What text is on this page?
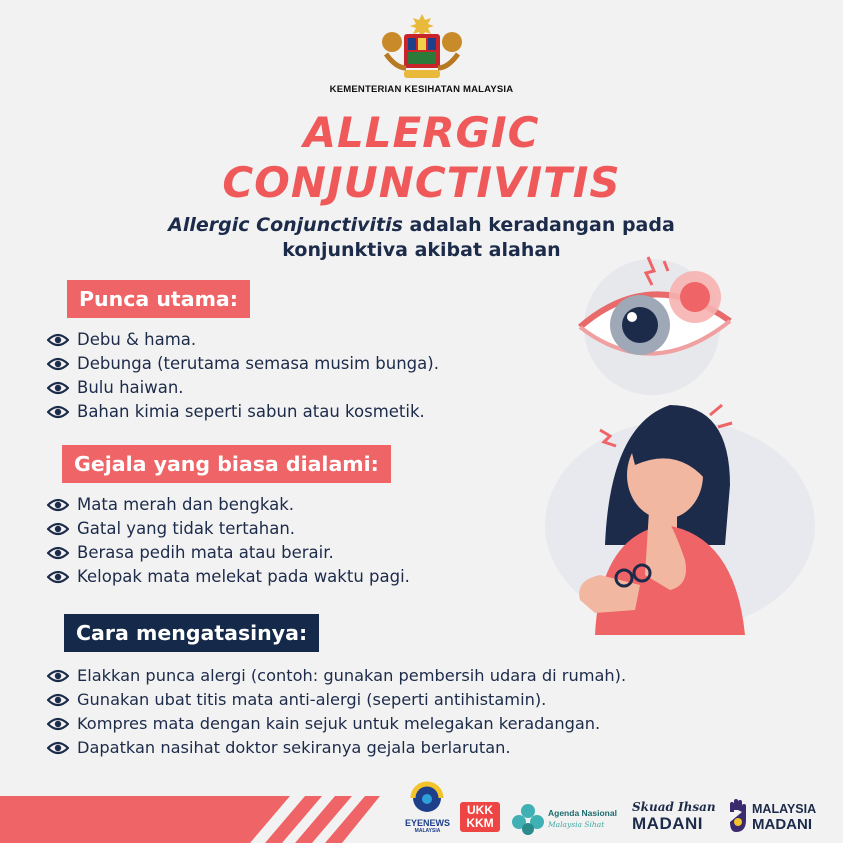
KEMENTERIAN KESIHATAN MALAYSIA
ALLERGIC
CONJUNCTIVITIS
Allergic Conjunctivitis adalah keradangan pada
konjunktiva akibat alahan
Punca utama:
Debu & hama.
Debunga (terutama semasa musim bunga).
Bulu haiwan.
Bahan kimia seperti sabun atau kosmetik.
Gejala yang biasa dialami:
Mata merah dan bengkak.
Gatal yang tidak tertahan.
Berasa pedih mata atau berair.
Kelopak mata melekat pada waktu pagi.
Cara mengatasinya:
Elakkan punca alergi (contoh: gunakan pembersih udara di rumah).
Gunakan ubat titis mata anti-alergi (seperti antihistamin).
Kompres mata dengan kain sejuk untuk melegakan keradangan.
Dapatkan nasihat doktor sekiranya gejala berlarutan.
EYENEWS
MALAYSIA
UKK
KKM
Agenda Nasional
Malaysia Sihat
Skuad Ihsan
MADANI
MALAYSIA
MADANI
